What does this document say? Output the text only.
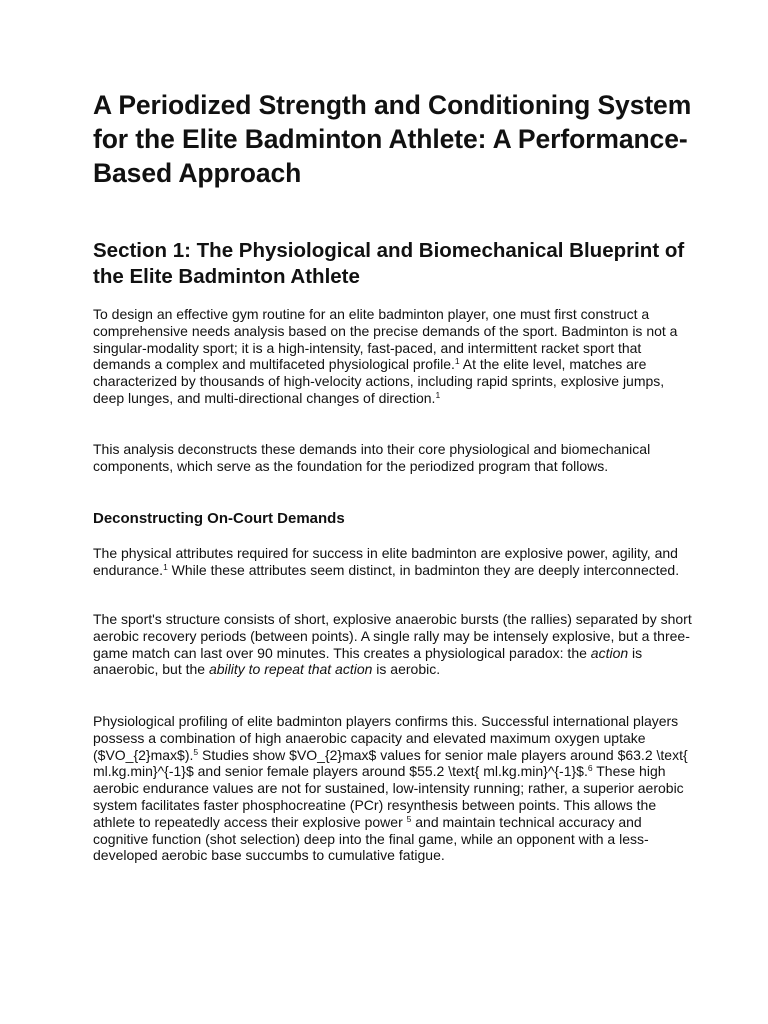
A Periodized Strength and Conditioning System for the Elite Badminton Athlete: A Performance-Based Approach
Section 1: The Physiological and Biomechanical Blueprint of the Elite Badminton Athlete

To design an effective gym routine for an elite badminton player, one must first construct a comprehensive needs analysis based on the precise demands of the sport. Badminton is not a singular-modality sport; it is a high-intensity, fast-paced, and intermittent racket sport that demands a complex and multifaceted physiological profile.$^1$ At the elite level, matches are characterized by thousands of high-velocity actions, including rapid sprints, explosive jumps, deep lunges, and multi-directional changes of direction.$^1$

This analysis deconstructs these demands into their core physiological and biomechanical components, which serve as the foundation for the periodized program that follows.

Deconstructing On-Court Demands

The physical attributes required for success in elite badminton are explosive power, agility, and endurance.$^1$ While these attributes seem distinct, in badminton they are deeply interconnected.

The sport's structure consists of short, explosive anaerobic bursts (the rallies) separated by short aerobic recovery periods (between points). A single rally may be intensely explosive, but a three-game match can last over 90 minutes. This creates a physiological paradox: the action is anaerobic, but the ability to repeat that action is aerobic.

Physiological profiling of elite badminton players confirms this. Successful international players possess a combination of high anaerobic capacity and elevated maximum oxygen uptake ($VO_{2}max$).$^5$ Studies show $VO_{2}max$ values for senior male players around $63.2 \text{ ml.kg.min}^{-1}$ and senior female players around $55.2 \text{ ml.kg.min}^{-1}$.$^6$ These high aerobic endurance values are not for sustained, low-intensity running; rather, a superior aerobic system facilitates faster phosphocreatine (PCr) resynthesis between points. This allows the athlete to repeatedly access their explosive power $^5$ and maintain technical accuracy and cognitive function (shot selection) deep into the final game, while an opponent with a less-developed aerobic base succumbs to cumulative fatigue.
